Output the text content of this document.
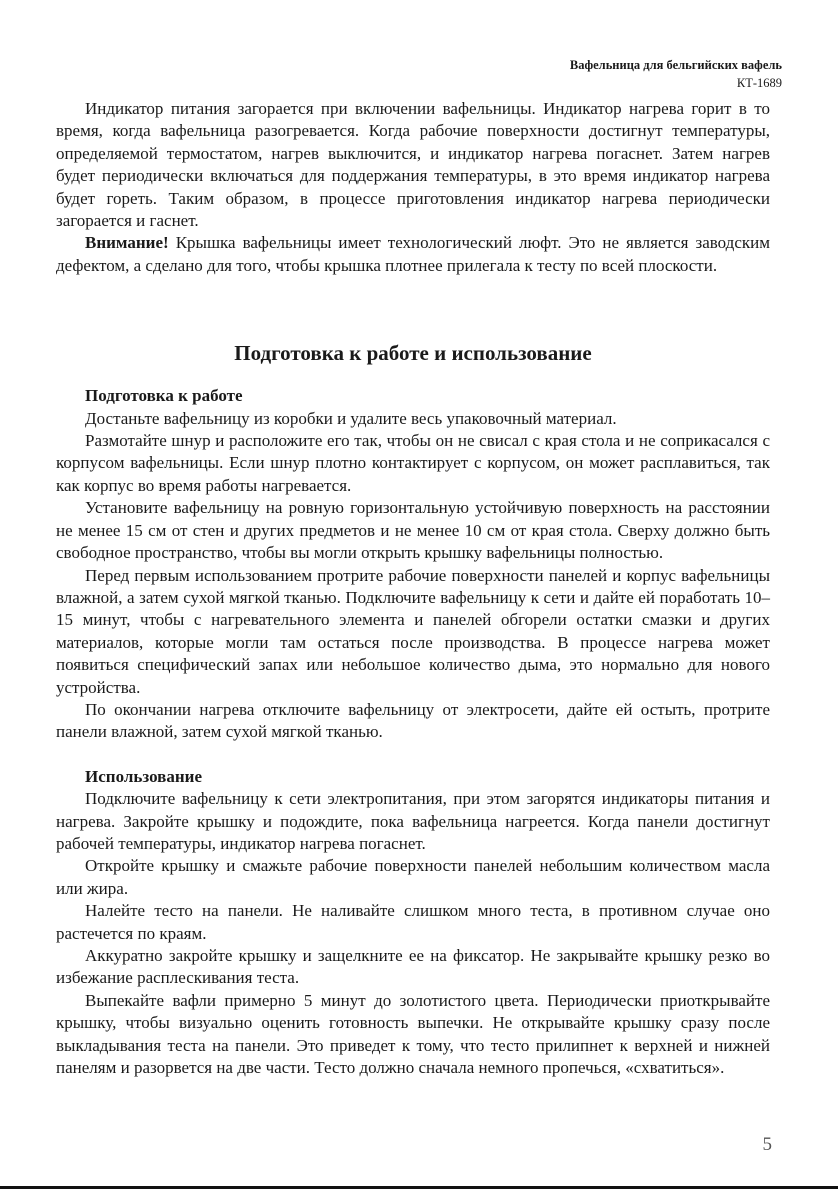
Вафельница для бельгийских вафель
КТ-1689

Индикатор питания загорается при включении вафельницы. Индикатор нагрева горит в то время, когда вафельница разогревается. Когда рабочие поверхности достигнут температуры, определяемой термостатом, нагрев выключится, и индикатор нагрева погаснет. Затем нагрев будет периодически включаться для поддержания температуры, в это время индикатор нагрева будет гореть. Таким образом, в процессе приготовления индикатор нагрева периодически загорается и гаснет.

Внимание! Крышка вафельницы имеет технологический люфт. Это не является заводским дефектом, а сделано для того, чтобы крышка плотнее прилегала к тесту по всей плоскости.

Подготовка к работе и использование
Подготовка к работе

Достаньте вафельницу из коробки и удалите весь упаковочный материал.

Размотайте шнур и расположите его так, чтобы он не свисал с края стола и не соприкасался с корпусом вафельницы. Если шнур плотно контактирует с корпусом, он может расплавиться, так как корпус во время работы нагревается.

Установите вафельницу на ровную горизонтальную устойчивую поверхность на расстоянии не менее 15 см от стен и других предметов и не менее 10 см от края стола. Сверху должно быть свободное пространство, чтобы вы могли открыть крышку вафельницы полностью.

Перед первым использованием протрите рабочие поверхности панелей и корпус вафельницы влажной, а затем сухой мягкой тканью. Подключите вафельницу к сети и дайте ей поработать 10–15 минут, чтобы с нагревательного элемента и панелей обгорели остатки смазки и других материалов, которые могли там остаться после производства. В процессе нагрева может появиться специфический запах или небольшое количество дыма, это нормально для нового устройства.

По окончании нагрева отключите вафельницу от электросети, дайте ей остыть, протрите панели влажной, затем сухой мягкой тканью.

Использование

Подключите вафельницу к сети электропитания, при этом загорятся индикаторы питания и нагрева. Закройте крышку и подождите, пока вафельница нагреется. Когда панели достигнут рабочей температуры, индикатор нагрева погаснет.

Откройте крышку и смажьте рабочие поверхности панелей небольшим количеством масла или жира.

Налейте тесто на панели. Не наливайте слишком много теста, в противном случае оно растечется по краям.

Аккуратно закройте крышку и защелкните ее на фиксатор. Не закрывайте крышку резко во избежание расплескивания теста.

Выпекайте вафли примерно 5 минут до золотистого цвета. Периодически приоткрывайте крышку, чтобы визуально оценить готовность выпечки. Не открывайте крышку сразу после выкладывания теста на панели. Это приведет к тому, что тесто прилипнет к верхней и нижней панелям и разорвется на две части. Тесто должно сначала немного пропечься, «схватиться».

5
